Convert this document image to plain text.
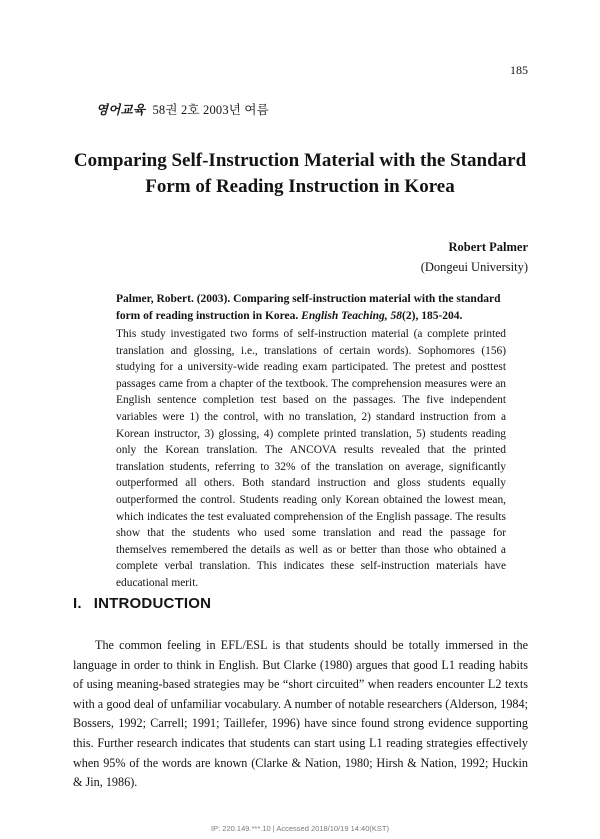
185
영어교육 58권 2호 2003년 여름
Comparing Self-Instruction Material with the Standard
Form of Reading Instruction in Korea
Robert Palmer
(Dongeui University)
Palmer, Robert. (2003). Comparing self-instruction material with the standard form of reading instruction in Korea. English Teaching, 58(2), 185-204.
This study investigated two forms of self-instruction material (a complete printed translation and glossing, i.e., translations of certain words). Sophomores (156) studying for a university-wide reading exam participated. The pretest and posttest passages came from a chapter of the textbook. The comprehension measures were an English sentence completion test based on the passages. The five independent variables were 1) the control, with no translation, 2) standard instruction from a Korean instructor, 3) glossing, 4) complete printed translation, 5) students reading only the Korean translation. The ANCOVA results revealed that the printed translation students, referring to 32% of the translation on average, significantly outperformed all others. Both standard instruction and gloss students equally outperformed the control. Students reading only Korean obtained the lowest mean, which indicates the test evaluated comprehension of the English passage. The results show that the students who used some translation and read the passage for themselves remembered the details as well as or better than those who obtained a complete verbal translation. This indicates these self-instruction materials have educational merit.
I. INTRODUCTION
The common feeling in EFL/ESL is that students should be totally immersed in the language in order to think in English. But Clarke (1980) argues that good L1 reading habits of using meaning-based strategies may be “short circuited” when readers encounter L2 texts with a good deal of unfamiliar vocabulary. A number of notable researchers (Alderson, 1984; Bossers, 1992; Carrell; 1991; Taillefer, 1996) have since found strong evidence supporting this. Further research indicates that students can start using L1 reading strategies effectively when 95% of the words are known (Clarke & Nation, 1980; Hirsh & Nation, 1992; Huckin & Jin, 1986).
IP: 220.149.***.10 | Accessed 2018/10/19 14:40(KST)
